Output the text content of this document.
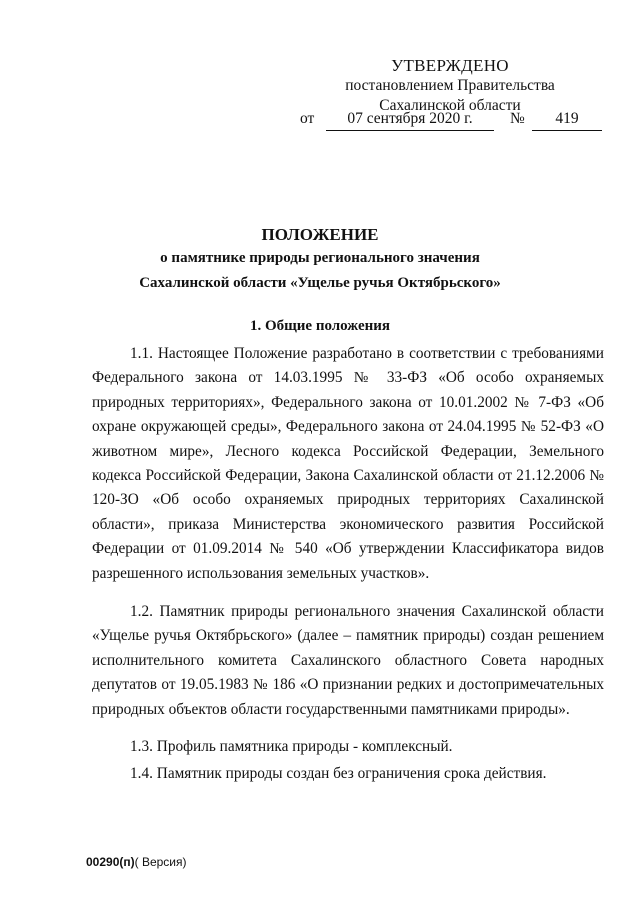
УТВЕРЖДЕНО
постановлением Правительства
Сахалинской области
от	07 сентября 2020 г.	№	419
ПОЛОЖЕНИЕ
о памятнике природы регионального значения
Сахалинской области «Ущелье ручья Октябрьского»
1. Общие положения

1.1. Настоящее Положение разработано в соответствии с требованиями Федерального закона от 14.03.1995 № 33-ФЗ «Об особо охраняемых природных территориях», Федерального закона от 10.01.2002 № 7-ФЗ «Об охране окружающей среды», Федерального закона от 24.04.1995 № 52-ФЗ «О животном мире», Лесного кодекса Российской Федерации, Земельного кодекса Российской Федерации, Закона Сахалинской области от 21.12.2006 № 120-ЗО «Об особо охраняемых природных территориях Сахалинской области», приказа Министерства экономического развития Российской Федерации от 01.09.2014 № 540 «Об утверждении Классификатора видов разрешенного использования земельных участков».

1.2. Памятник природы регионального значения Сахалинской области «Ущелье ручья Октябрьского» (далее – памятник природы) создан решением исполнительного комитета Сахалинского областного Совета народных депутатов от 19.05.1983 № 186 «О признании редких и достопримечательных природных объектов области государственными памятниками природы».

1.3. Профиль памятника природы - комплексный.

1.4. Памятник природы создан без ограничения срока действия.

00290(п)( Версия)
